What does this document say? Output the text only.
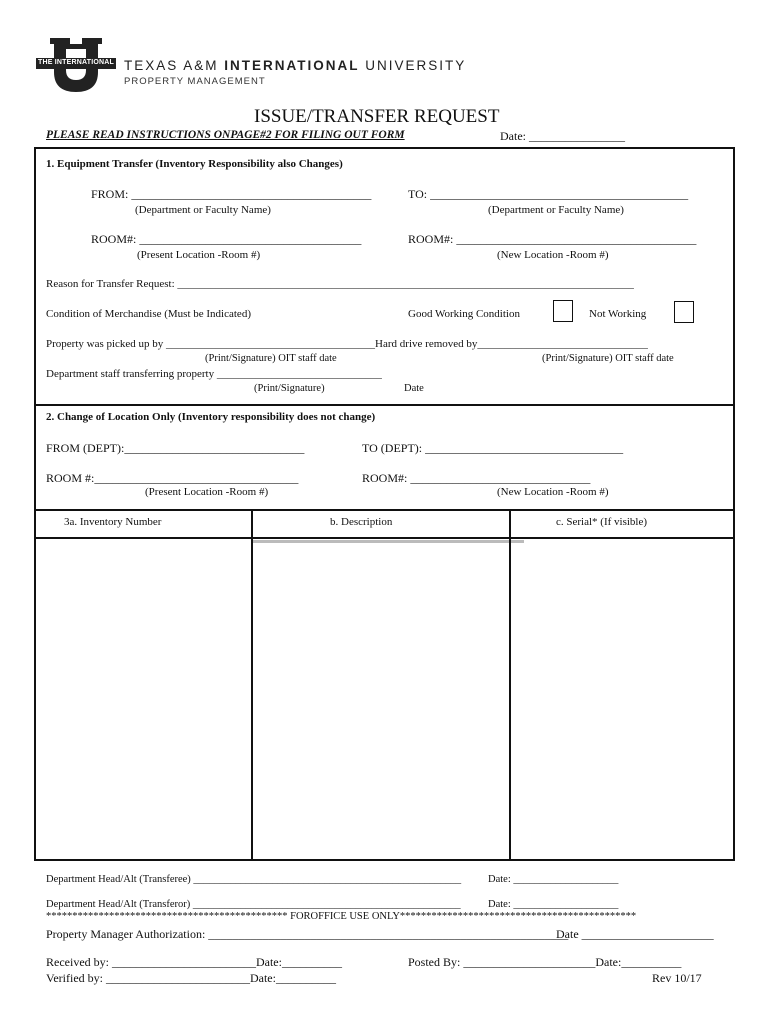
THE INTERNATIONAL TEXAS A&M INTERNATIONAL UNIVERSITY
PROPERTY MANAGEMENT
ISSUE/TRANSFER REQUEST
PLEASE READ INSTRUCTIONS ONPAGE#2 FOR FILING OUT FORM	Date: ________________
1. Equipment Transfer (Inventory Responsibility also Changes)
FROM: ________________________________________	TO: ___________________________________________
(Department or Faculty Name)	(Department or Faculty Name)
ROOM#: _____________________________________	ROOM#: ________________________________________
(Present Location -Room #)	(New Location -Room #)
Reason for Transfer Request: ___________________________________________________________________________________
Condition of Merchandise (Must be Indicated)	Good Working Condition	Not Working
Property was picked up by ______________________________________Hard drive removed by_______________________________
(Print/Signature) OIT staff date	(Print/Signature) OIT staff date
Department staff transferring property ______________________________
(Print/Signature)	Date
2. Change of Location Only (Inventory responsibility does not change)
FROM (DEPT):______________________________	TO (DEPT): _________________________________
ROOM #:__________________________________	ROOM#: ______________________________
(Present Location -Room #)	(New Location -Room #)
3a. Inventory Number	b. Description	c. Serial* (If visible)
Department Head/Alt (Transferee) ___________________________________________________	Date: ____________________
Department Head/Alt (Transferor) ___________________________________________________	Date: ____________________
********************************************** FOROFFICE USE ONLY*********************************************
Property Manager Authorization: ____________________________________________________________
Date ______________________
Received by: ________________________Date:__________	Posted By: ______________________Date:__________
Verified by: ________________________Date:__________	Rev 10/17
